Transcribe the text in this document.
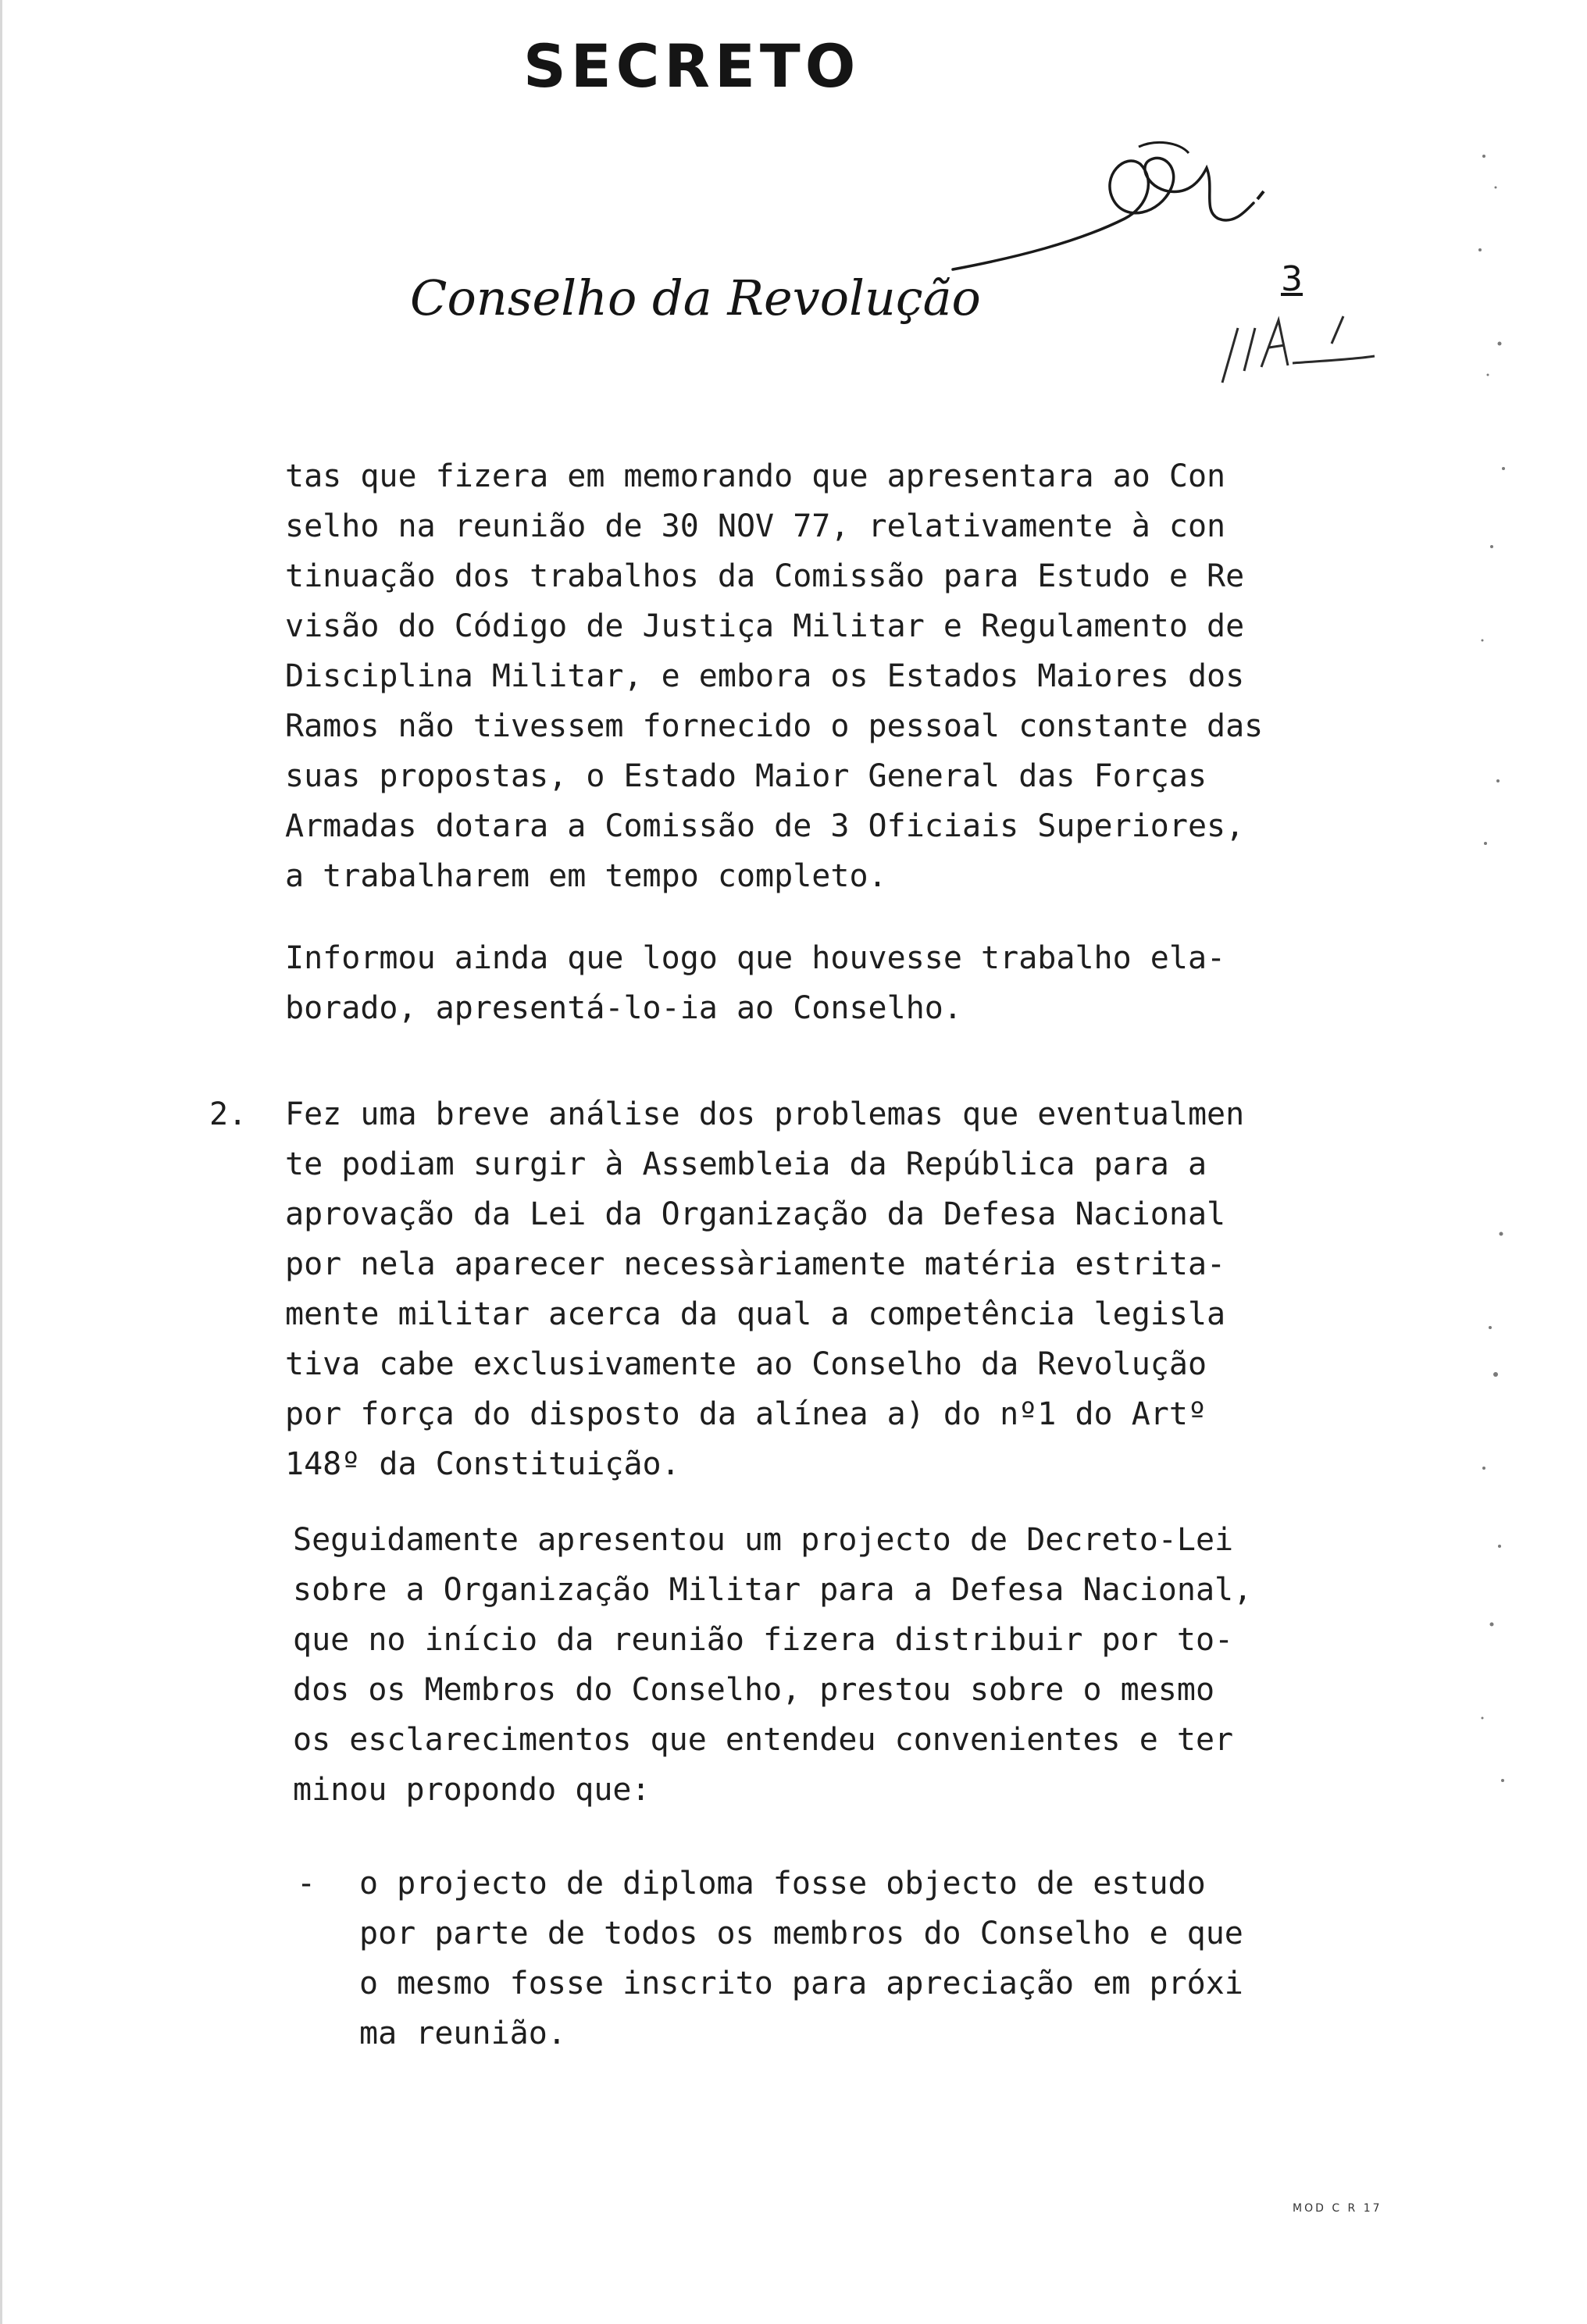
SECRETO
Conselho da Revolução	3
tas que fizera em memorando que apresentara ao Con
selho na reunião de 30 NOV 77, relativamente à con
tinuação dos trabalhos da Comissão para Estudo e Re
visão do Código de Justiça Militar e Regulamento de
Disciplina Militar, e embora os Estados Maiores dos
Ramos não tivessem fornecido o pessoal constante das
suas propostas, o Estado Maior General das Forças
Armadas dotara a Comissão de 3 Oficiais Superiores,
a trabalharem em tempo completo.
Informou ainda que logo que houvesse trabalho ela-
borado, apresentá-lo-ia ao Conselho.
2. Fez uma breve análise dos problemas que eventualmen
te podiam surgir à Assembleia da República para a
aprovação da Lei da Organização da Defesa Nacional
por nela aparecer necessàriamente matéria estrita-
mente militar acerca da qual a competência legisla
tiva cabe exclusivamente ao Conselho da Revolução
por força do disposto da alínea a) do nº1 do Artº
148º da Constituição.
Seguidamente apresentou um projecto de Decreto-Lei
sobre a Organização Militar para a Defesa Nacional,
que no início da reunião fizera distribuir por to-
dos os Membros do Conselho, prestou sobre o mesmo
os esclarecimentos que entendeu convenientes e ter
minou propondo que:
- o projecto de diploma fosse objecto de estudo
por parte de todos os membros do Conselho e que
o mesmo fosse inscrito para apreciação em próxi
ma reunião.
MOD C R 17
